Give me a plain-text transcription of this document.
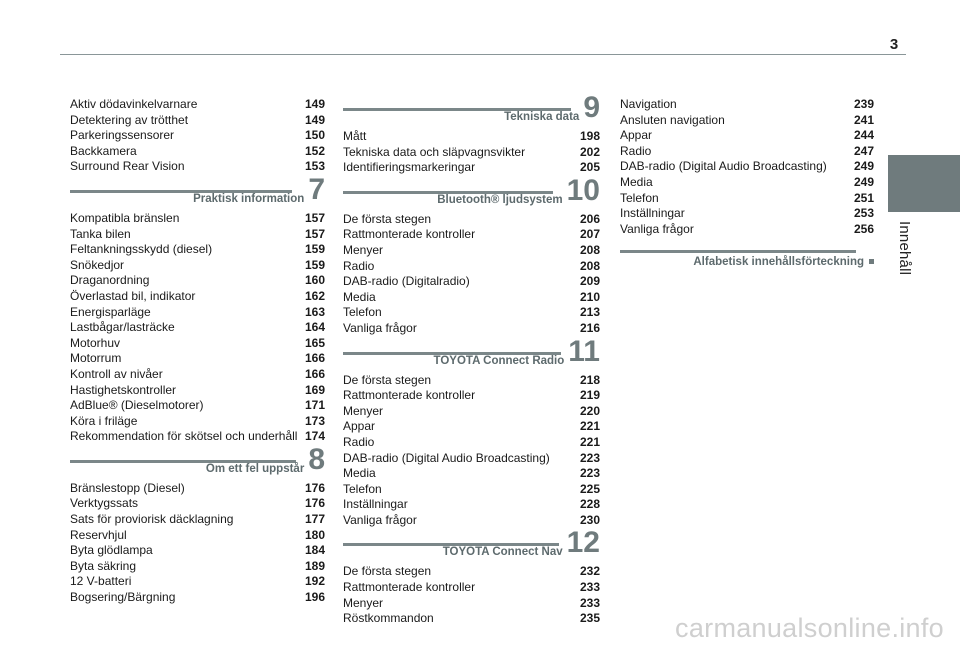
3
Innehåll
Aktiv dödavinkelvarnare	149
Detektering av trötthet	149
Parkeringssensorer	150
Backkamera	152
Surround Rear Vision	153
Praktisk information 7
Kompatibla bränslen	157
Tanka bilen	157
Feltankningsskydd (diesel)	159
Snökedjor	159
Draganordning	160
Överlastad bil, indikator	162
Energisparläge	163
Lastbågar/lasträcke	164
Motorhuv	165
Motorrum	166
Kontroll av nivåer	166
Hastighetskontroller	169
AdBlue® (Dieselmotorer)	171
Köra i friläge	173
Rekommendation för skötsel och underhåll 174
Om ett fel uppstår 8
Bränslestopp (Diesel)	176
Verktygssats	176
Sats för proviorisk däcklagning	177
Reservhjul	180
Byta glödlampa	184
Byta säkring	189
12 V-batteri	192
Bogsering/Bärgning	196
Tekniska data 9
Mått	198
Tekniska data och släpvagnsvikter	202
Identifieringsmarkeringar	205
Bluetooth® ljudsystem 10
De första stegen	206
Rattmonterade kontroller	207
Menyer	208
Radio	208
DAB-radio (Digitalradio)	209
Media	210
Telefon	213
Vanliga frågor	216
TOYOTA Connect Radio 11
De första stegen	218
Rattmonterade kontroller	219
Menyer	220
Appar	221
Radio	221
DAB-radio (Digital Audio Broadcasting)	223
Media	223
Telefon	225
Inställningar	228
Vanliga frågor	230
TOYOTA Connect Nav 12
De första stegen	232
Rattmonterade kontroller	233
Menyer	233
Röstkommandon	235
Navigation	239
Ansluten navigation	241
Appar	244
Radio	247
DAB-radio (Digital Audio Broadcasting) 249
Media	249
Telefon	251
Inställningar	253
Vanliga frågor	256
Alfabetisk innehållsförteckning
carmanualsonline.info
